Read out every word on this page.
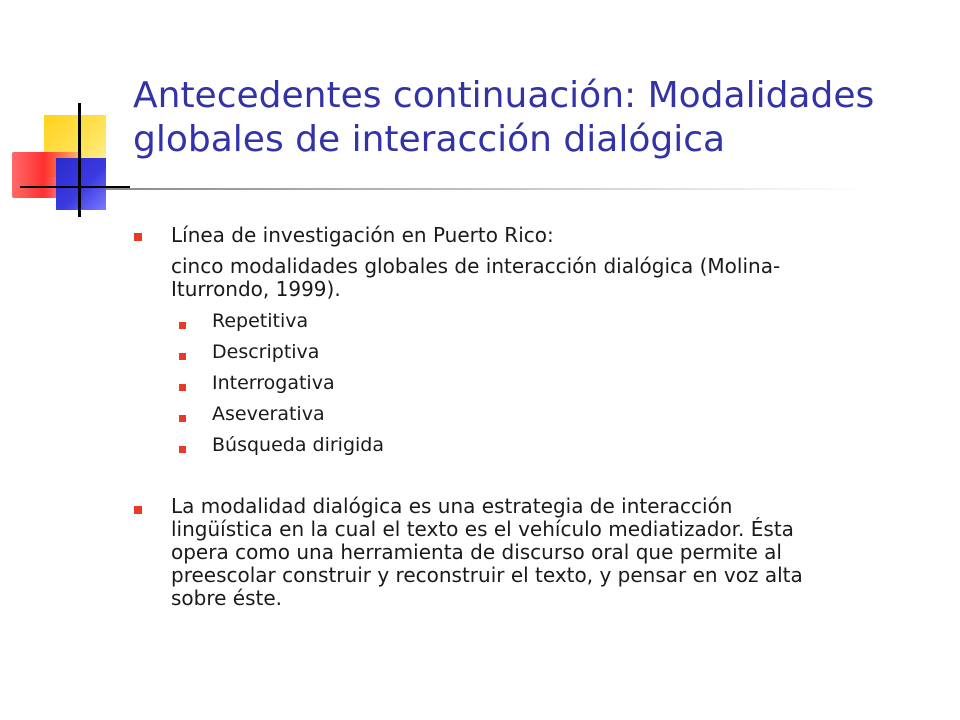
Antecedentes continuación: Modalidades
globales de interacción dialógica

Línea de investigación en Puerto Rico:

cinco modalidades globales de interacción dialógica (Molina-

Iturrondo, 1999).

Repetitiva

Descriptiva

Interrogativa

Aseverativa

Búsqueda dirigida

La modalidad dialógica es una estrategia de interacción

lingüística en la cual el texto es el vehículo mediatizador. Ésta

opera como una herramienta de discurso oral que permite al

preescolar construir y reconstruir el texto, y pensar en voz alta

sobre éste.
